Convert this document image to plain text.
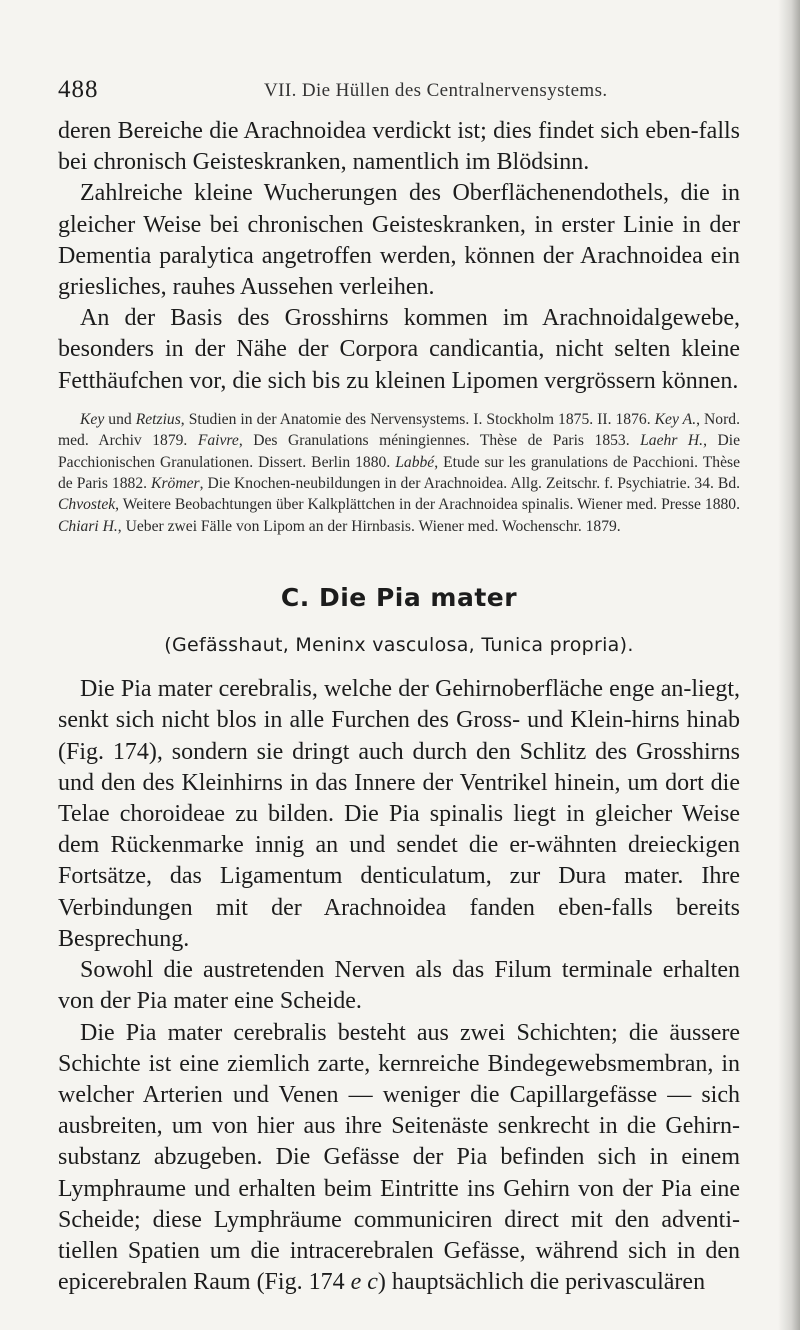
488	VII. Die Hüllen des Centralnervensystems.

deren Bereiche die Arachnoidea verdickt ist; dies findet sich eben-falls bei chronisch Geisteskranken, namentlich im Blödsinn.

Zahlreiche kleine Wucherungen des Oberflächenendothels, die in gleicher Weise bei chronischen Geisteskranken, in erster Linie in der Dementia paralytica angetroffen werden, können der Arachnoidea ein griesliches, rauhes Aussehen verleihen.

An der Basis des Grosshirns kommen im Arachnoidalgewebe, besonders in der Nähe der Corpora candicantia, nicht selten kleine Fetthäufchen vor, die sich bis zu kleinen Lipomen vergrössern können.

Key und Retzius, Studien in der Anatomie des Nervensystems. I. Stockholm 1875. II. 1876. Key A., Nord. med. Archiv 1879. Faivre, Des Granulations méningiennes. Thèse de Paris 1853. Laehr H., Die Pacchionischen Granulationen. Dissert. Berlin 1880. Labbé, Etude sur les granulations de Pacchioni. Thèse de Paris 1882. Krömer, Die Knochen-neubildungen in der Arachnoidea. Allg. Zeitschr. f. Psychiatrie. 34. Bd. Chvostek, Weitere Beobachtungen über Kalkplättchen in der Arachnoidea spinalis. Wiener med. Presse 1880. Chiari H., Ueber zwei Fälle von Lipom an der Hirnbasis. Wiener med. Wochenschr. 1879.

C. Die Pia mater
(Gefässhaut, Meninx vasculosa, Tunica propria).

Die Pia mater cerebralis, welche der Gehirnoberfläche enge an-liegt, senkt sich nicht blos in alle Furchen des Gross- und Klein-hirns hinab (Fig. 174), sondern sie dringt auch durch den Schlitz des Grosshirns und den des Kleinhirns in das Innere der Ventrikel hinein, um dort die Telae choroideae zu bilden. Die Pia spinalis liegt in gleicher Weise dem Rückenmarke innig an und sendet die er-wähnten dreieckigen Fortsätze, das Ligamentum denticulatum, zur Dura mater. Ihre Verbindungen mit der Arachnoidea fanden eben-falls bereits Besprechung.

Sowohl die austretenden Nerven als das Filum terminale erhalten von der Pia mater eine Scheide.

Die Pia mater cerebralis besteht aus zwei Schichten; die äussere Schichte ist eine ziemlich zarte, kernreiche Bindegewebsmembran, in welcher Arterien und Venen — weniger die Capillargefässe — sich ausbreiten, um von hier aus ihre Seitenäste senkrecht in die Gehirn-substanz abzugeben. Die Gefässe der Pia befinden sich in einem Lymphraume und erhalten beim Eintritte ins Gehirn von der Pia eine Scheide; diese Lymphräume communiciren direct mit den adventi-tiellen Spatien um die intracerebralen Gefässe, während sich in den epicerebralen Raum (Fig. 174 e c) hauptsächlich die perivasculären
